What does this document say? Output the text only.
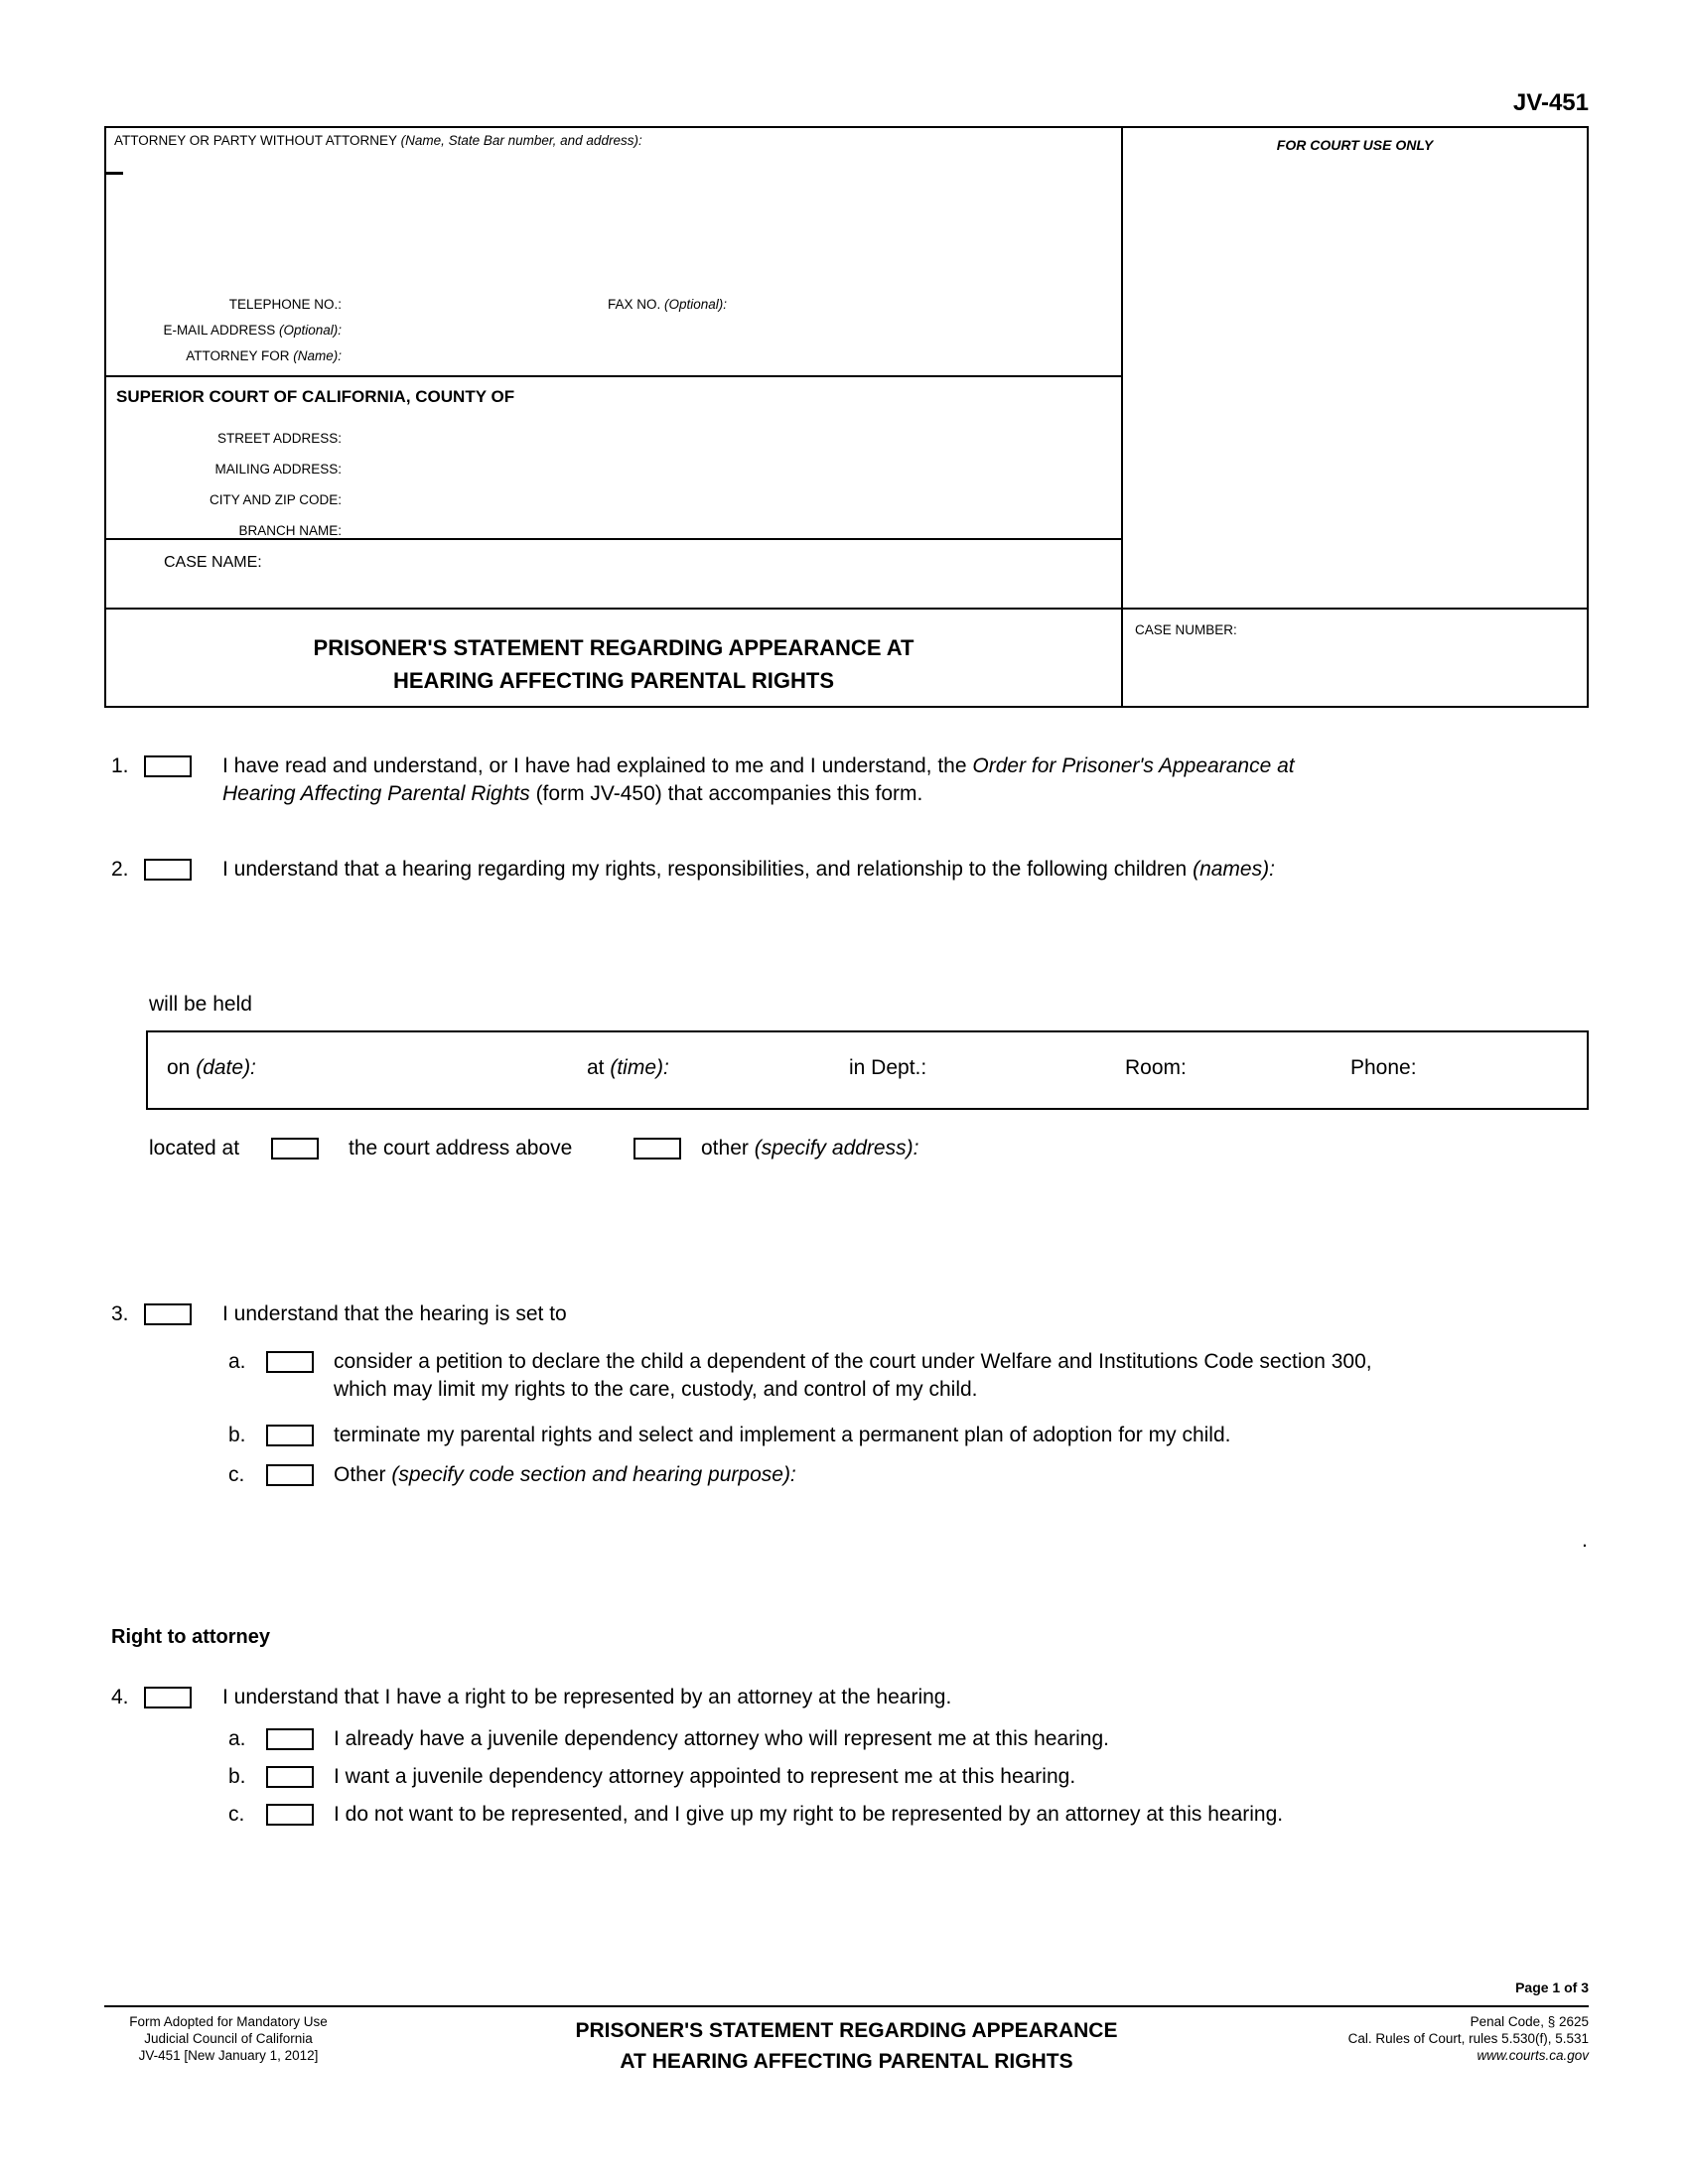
JV-451
ATTORNEY OR PARTY WITHOUT ATTORNEY (Name, State Bar number, and address):
TELEPHONE NO.:	FAX NO. (Optional):
E-MAIL ADDRESS (Optional):
ATTORNEY FOR (Name):
SUPERIOR COURT OF CALIFORNIA, COUNTY OF
STREET ADDRESS:
MAILING ADDRESS:
CITY AND ZIP CODE:
BRANCH NAME:
CASE NAME:
PRISONER'S STATEMENT REGARDING APPEARANCE AT
HEARING AFFECTING PARENTAL RIGHTS
FOR COURT USE ONLY
CASE NUMBER:
1.	I have read and understand, or I have had explained to me and I understand, the Order for Prisoner's Appearance at
Hearing Affecting Parental Rights (form JV-450) that accompanies this form.
2.	I understand that a hearing regarding my rights, responsibilities, and relationship to the following children (names):
will be held
on (date):	at (time):	in Dept.:	Room:	Phone:
located at	the court address above	other (specify address):
3.	I understand that the hearing is set to
a.	consider a petition to declare the child a dependent of the court under Welfare and Institutions Code section 300,
which may limit my rights to the care, custody, and control of my child.
b.	terminate my parental rights and select and implement a permanent plan of adoption for my child.
c.	Other (specify code section and hearing purpose):
.
Right to attorney
4.	I understand that I have a right to be represented by an attorney at the hearing.
a.	I already have a juvenile dependency attorney who will represent me at this hearing.
b.	I want a juvenile dependency attorney appointed to represent me at this hearing.
c.	I do not want to be represented, and I give up my right to be represented by an attorney at this hearing.
Page 1 of 3
Form Adopted for Mandatory Use
Judicial Council of California
JV-451 [New January 1, 2012]
PRISONER'S STATEMENT REGARDING APPEARANCE
AT HEARING AFFECTING PARENTAL RIGHTS
Penal Code, § 2625
Cal. Rules of Court, rules 5.530(f), 5.531
www.courts.ca.gov
